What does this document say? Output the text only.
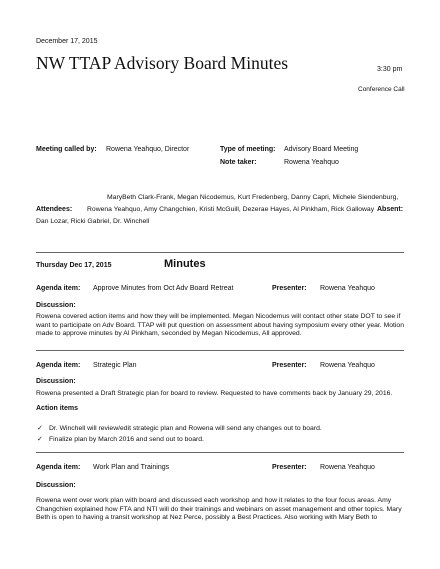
December 17, 2015
NW TTAP Advisory Board Minutes	3:30 pm
Conference Call
Meeting called by: Rowena Yeahquo, Director	Type of meeting: Advisory Board Meeting
Note taker:	Rowena Yeahquo
MaryBeth Clark-Frank, Megan Nicodemus, Kurt Fredenberg, Danny Capri, Michele Siendenburg,
Attendees: Rowena Yeahquo, Amy Changchien, Kristi McGuill, Dezerae Hayes, Al Pinkham, Rick Galloway Absent:
Dan Lozar, Ricki Gabriel, Dr. Winchell
Thursday Dec 17, 2015	Minutes
Agenda item: Approve Minutes from Oct Adv Board Retreat	Presenter: Rowena Yeahquo
Discussion:
Rowena covered action items and how they will be implemented. Megan Nicodemus will contact other state DOT to see if want to participate on Adv Board. TTAP will put question on assessment about having symposium every other year. Motion made to approve minutes by Al Pinkham, seconded by Megan Nicodemus, All approved.
Agenda item: Strategic Plan	Presenter: Rowena Yeahquo
Discussion:
Rowena presented a Draft Strategic plan for board to review. Requested to have comments back by January 29, 2016.
Action items
✓ Dr. Winchell will review/edit strategic plan and Rowena will send any changes out to board.
✓ Finalize plan by March 2016 and send out to board.
Agenda item: Work Plan and Trainings	Presenter: Rowena Yeahquo
Discussion:
Rowena went over work plan with board and discussed each workshop and how it relates to the four focus areas. Amy Changchien explained how FTA and NTI will do their trainings and webinars on asset management and other topics. Mary Beth is open to having a transit workshop at Nez Perce, possibly a Best Practices. Also working with Mary Beth to
